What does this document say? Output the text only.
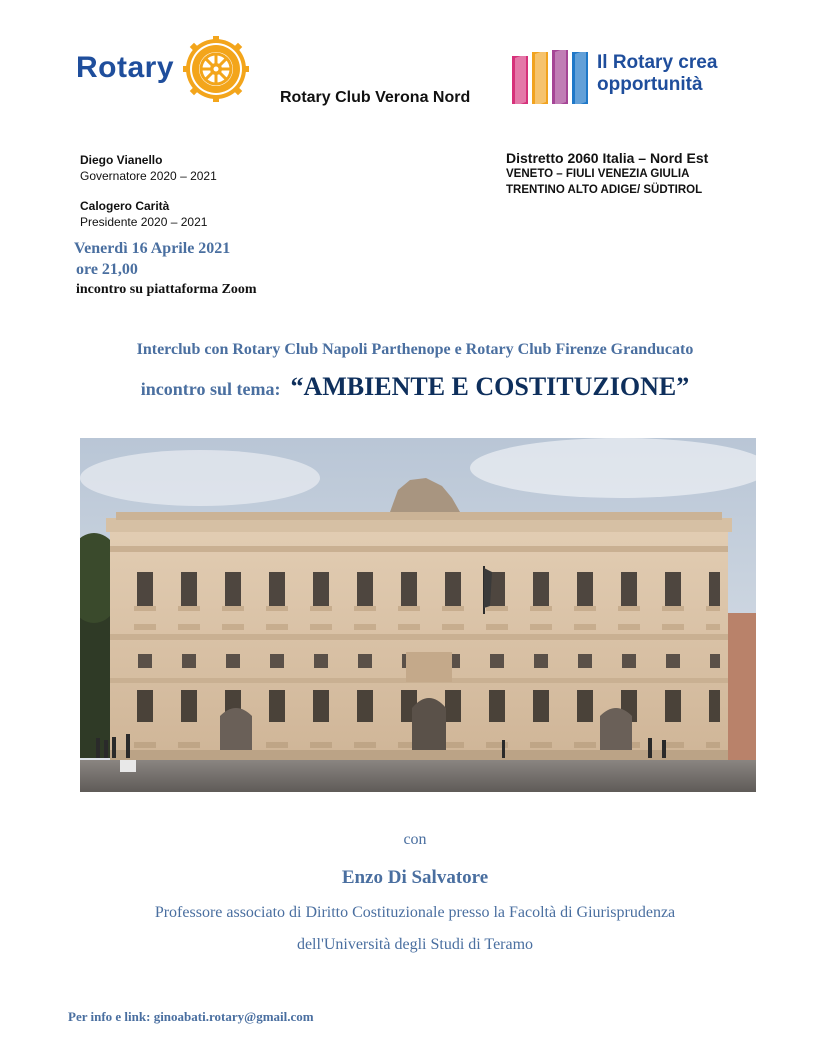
Rotary
Rotary Club Verona Nord
Il Rotary crea
opportunità
Diego Vianello
Governatore 2020 – 2021
Calogero Carità
Presidente 2020 – 2021
Distretto 2060 Italia – Nord Est
VENETO – FIULI VENEZIA GIULIA
TRENTINO ALTO ADIGE/ SÜDTIROL
Venerdì 16 Aprile 2021
ore 21,00
incontro su piattaforma Zoom
Interclub con Rotary Club Napoli Parthenope e Rotary Club Firenze Granducato
incontro sul tema: “AMBIENTE E COSTITUZIONE”
con
Enzo Di Salvatore
Professore associato di Diritto Costituzionale presso la Facoltà di Giurisprudenza
dell'Università degli Studi di Teramo
Per info e link: ginoabati.rotary@gmail.com
